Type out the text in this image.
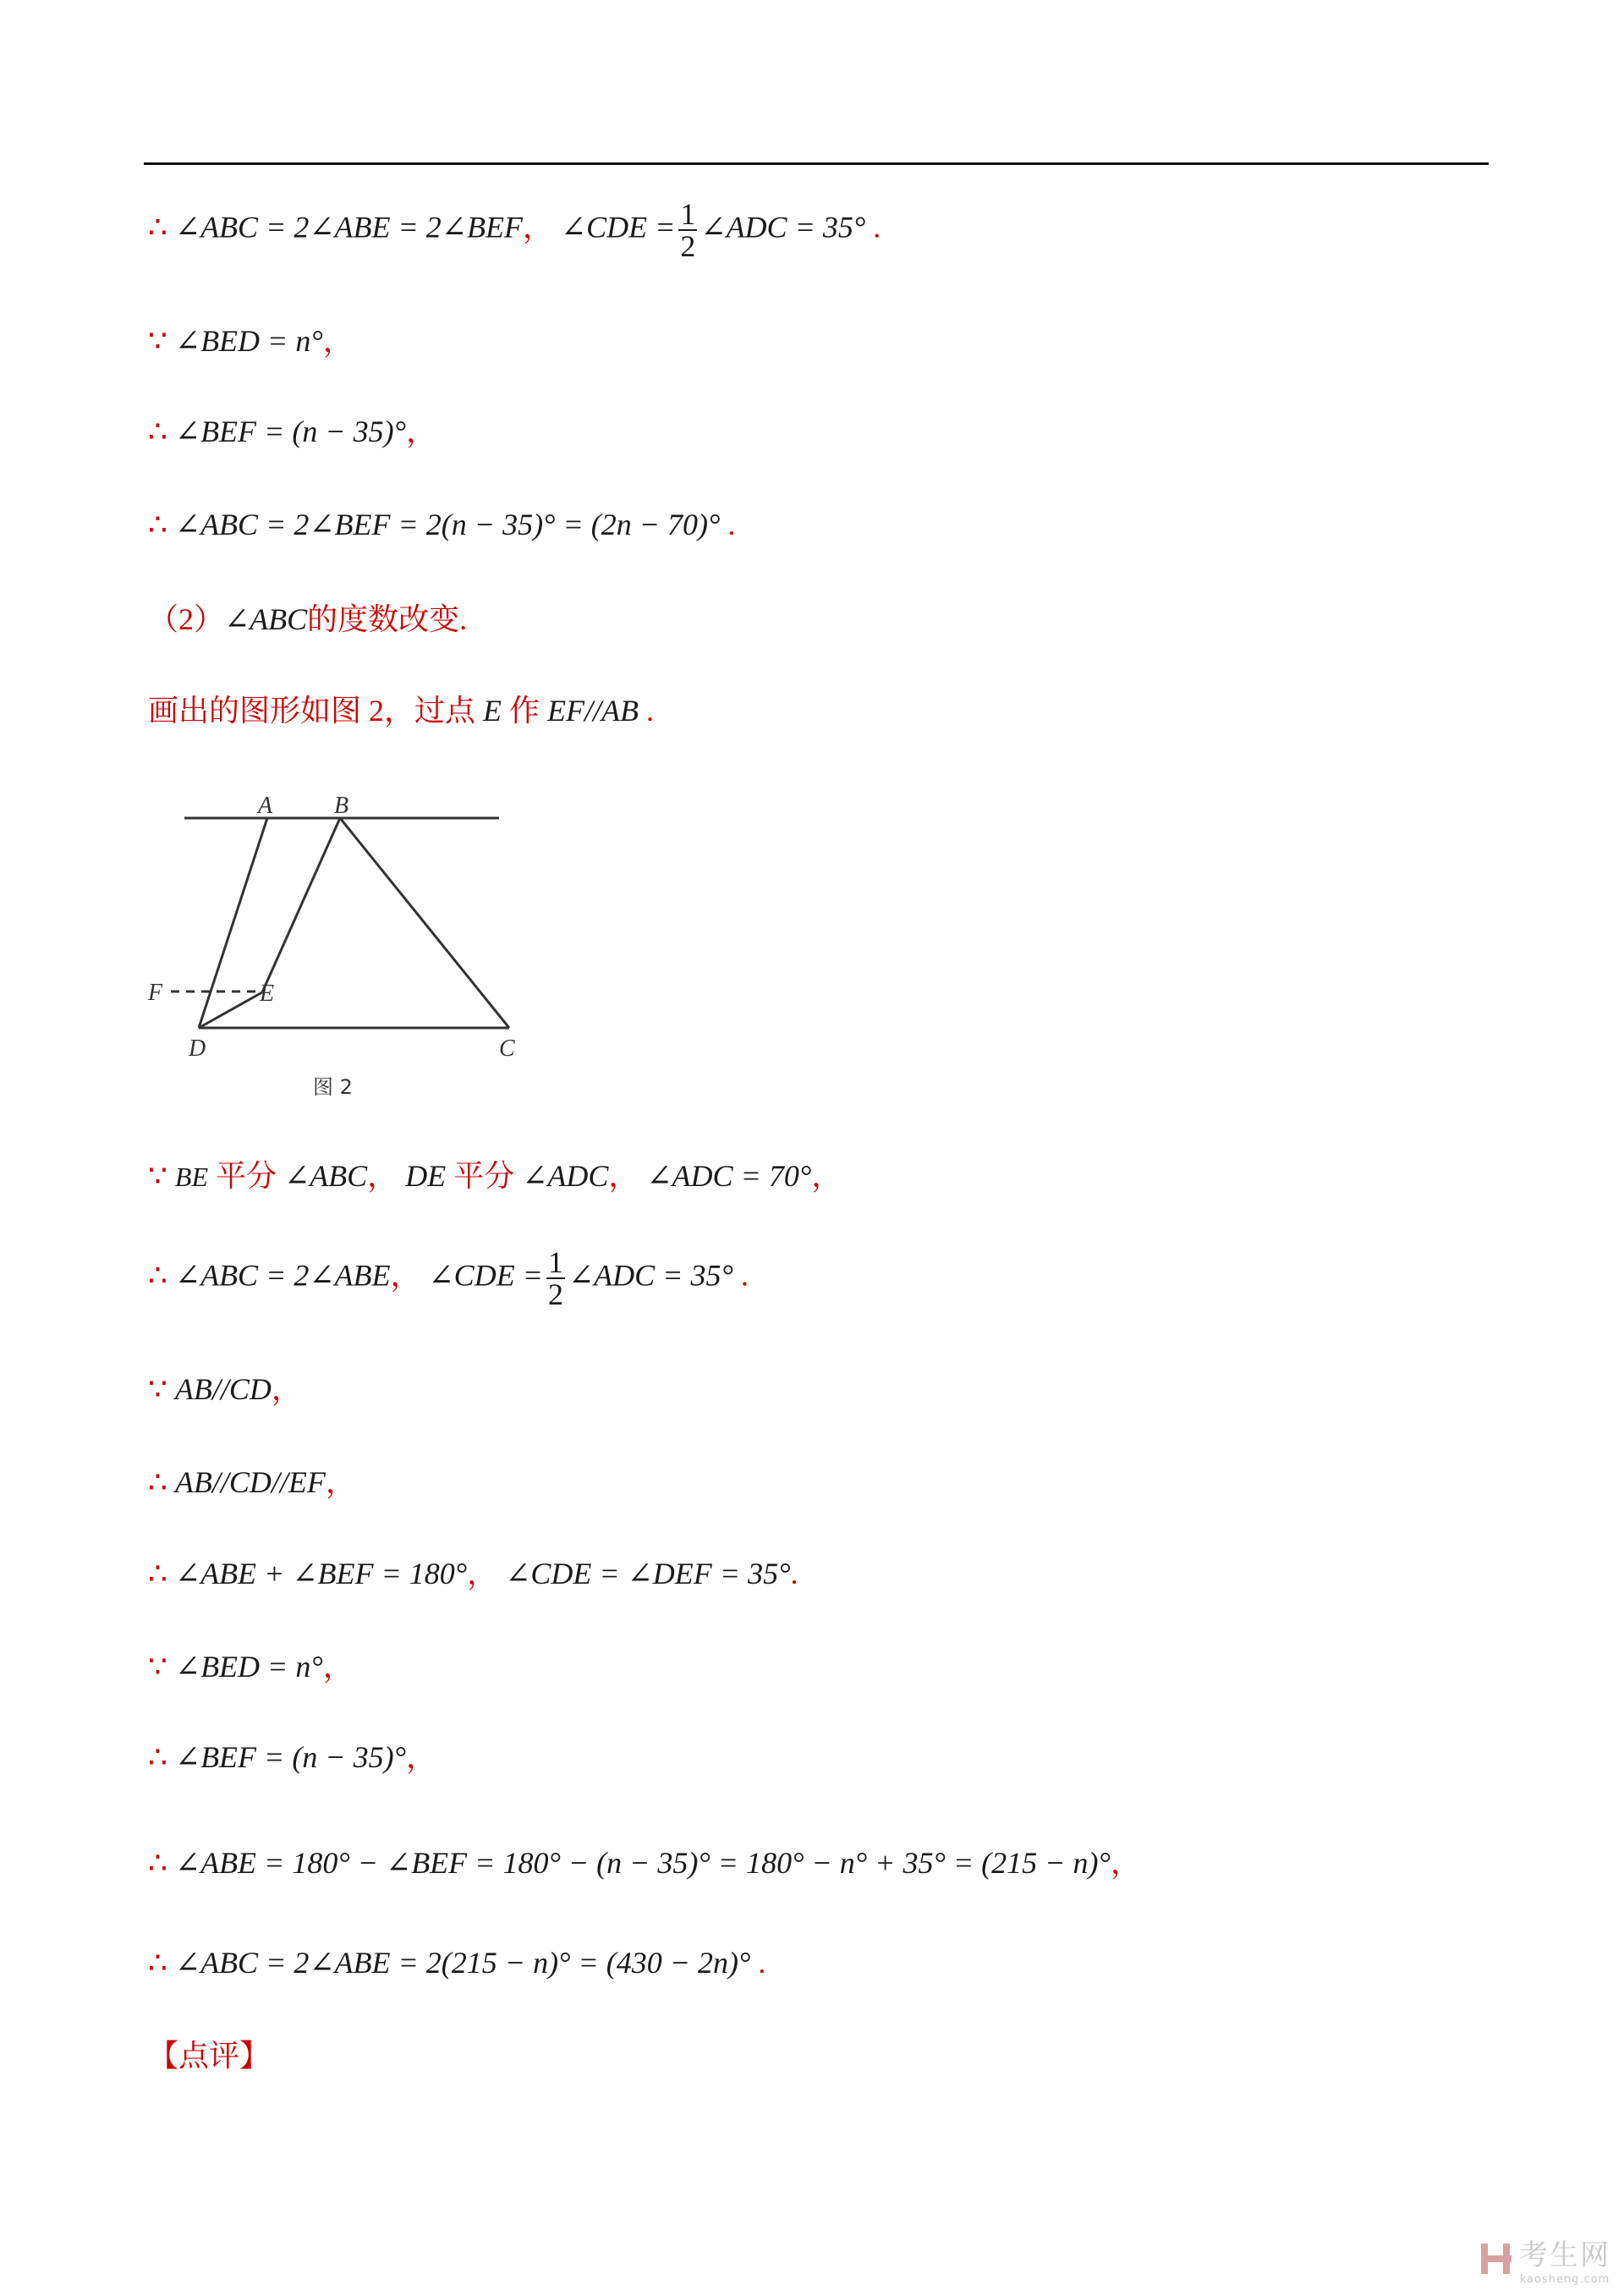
∴ ∠ABC = 2∠ABE = 2∠BEF， ∠CDE = $\frac{1}{2}$ ∠ADC = 35° .
∵ ∠BED = n°，
∴ ∠BEF = (n − 35)°，
∴ ∠ABC = 2∠BEF = 2(n − 35)° = (2n − 70)° .
（2）∠ABC的度数改变.
画出的图形如图 2，过点 E 作 EF//AB .
A	B
F	E
D	C
图 2
∵ BE 平分 ∠ABC， DE 平分 ∠ADC， ∠ADC = 70°，
∴ ∠ABC = 2∠ABE， ∠CDE = $\frac{1}{2}$ ∠ADC = 35° .
∵ AB//CD，
∴ AB//CD//EF，
∴ ∠ABE + ∠BEF = 180°， ∠CDE = ∠DEF = 35°.
∵ ∠BED = n°，
∴ ∠BEF = (n − 35)°，
∴ ∠ABE = 180° − ∠BEF = 180° − (n − 35)° = 180° − n° + 35° = (215 − n)°，
∴ ∠ABC = 2∠ABE = 2(215 − n)° = (430 − 2n)° .
【点评】
考生网
kaosheng.com
